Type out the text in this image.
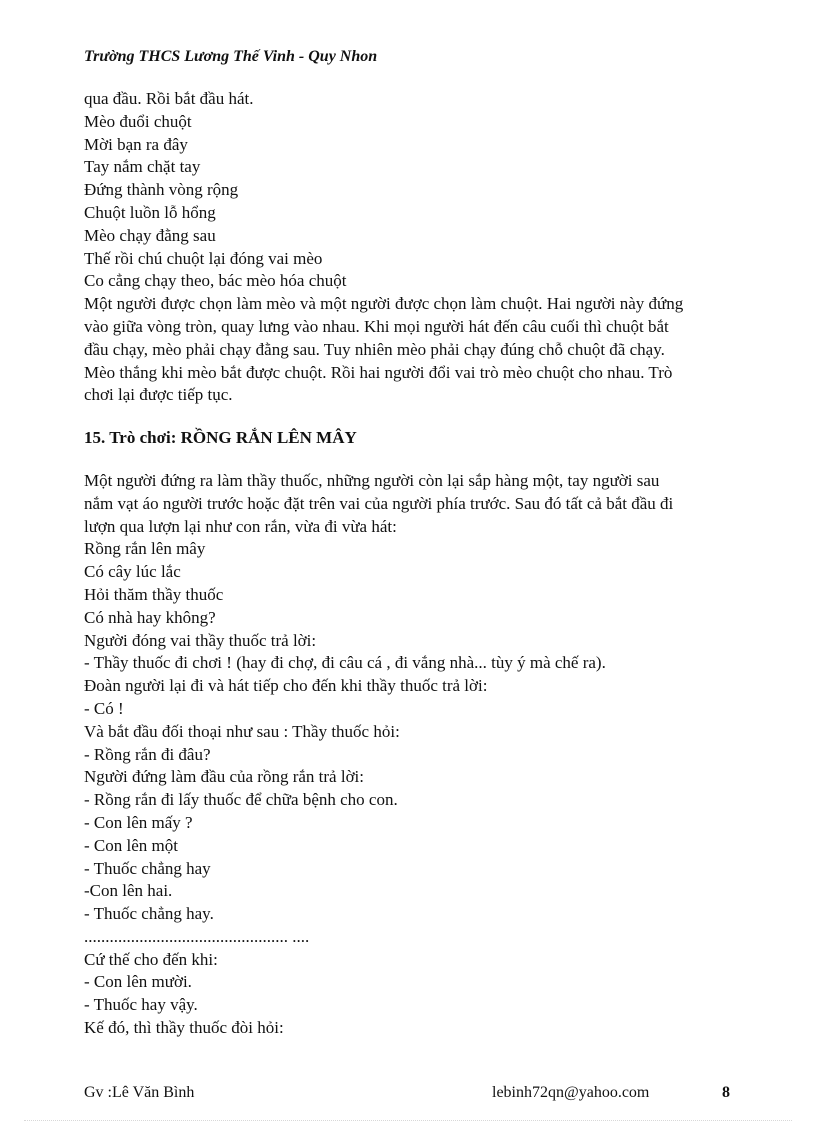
Trường THCS Lương Thế Vinh - Quy Nhon
qua đầu. Rồi bắt đầu hát.
Mèo đuổi chuột
Mời bạn ra đây
Tay nắm chặt tay
Đứng thành vòng rộng
Chuột luồn lỗ hổng
Mèo chạy đằng sau
Thế rồi chú chuột lại đóng vai mèo
Co cẳng chạy theo, bác mèo hóa chuột
Một người được chọn làm mèo và một người được chọn làm chuột. Hai người này đứng
vào giữa vòng tròn, quay lưng vào nhau. Khi mọi người hát đến câu cuối thì chuột bắt
đầu chạy, mèo phải chạy đằng sau. Tuy nhiên mèo phải chạy đúng chỗ chuột đã chạy.
Mèo thắng khi mèo bắt được chuột. Rồi hai người đổi vai trò mèo chuột cho nhau. Trò
chơi lại được tiếp tục.
15. Trò chơi: RỒNG RẮN LÊN MÂY
Một người đứng ra làm thầy thuốc, những người còn lại sắp hàng một, tay người sau
nắm vạt áo người trước hoặc đặt trên vai của người phía trước. Sau đó tất cả bắt đầu đi
lượn qua lượn lại như con rắn, vừa đi vừa hát:
Rồng rắn lên mây
Có cây lúc lắc
Hỏi thăm thầy thuốc
Có nhà hay không?
Người đóng vai thầy thuốc trả lời:
- Thầy thuốc đi chơi ! (hay đi chợ, đi câu cá , đi vắng nhà... tùy ý mà chế ra).
Đoàn người lại đi và hát tiếp cho đến khi thầy thuốc trả lời:
- Có !
Và bắt đầu đối thoại như sau : Thầy thuốc hỏi:
- Rồng rắn đi đâu?
Người đứng làm đầu của rồng rắn trả lời:
- Rồng rắn đi lấy thuốc để chữa bệnh cho con.
- Con lên mấy ?
- Con lên một
- Thuốc chẳng hay
-Con lên hai.
- Thuốc chẳng hay.
................................................ ....
Cứ thế cho đến khi:
- Con lên mười.
- Thuốc hay vậy.
Kế đó, thì thầy thuốc đòi hỏi:
Gv :Lê Văn Bình	lebinh72qn@yahoo.com	8
